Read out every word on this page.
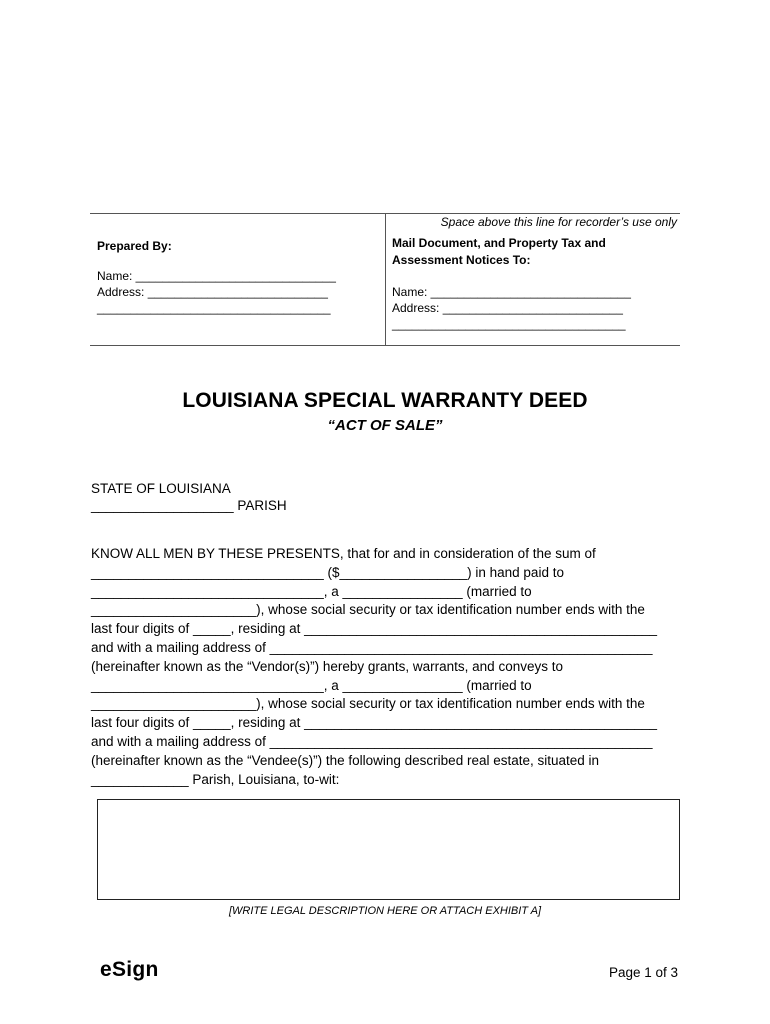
Space above this line for recorder’s use only
Prepared By:
Name: ______________________________
Address: ___________________________
___________________________________
Mail Document, and Property Tax and
Assessment Notices To:
Name: ______________________________
Address: ___________________________
___________________________________
LOUISIANA SPECIAL WARRANTY DEED
“ACT OF SALE”
STATE OF LOUISIANA
___________________ PARISH
KNOW ALL MEN BY THESE PRESENTS, that for and in consideration of the sum of
_______________________________ ($_________________) in hand paid to
_______________________________, a ________________ (married to
______________________), whose social security or tax identification number ends with the
last four digits of _____, residing at _______________________________________________
and with a mailing address of ___________________________________________________
(hereinafter known as the “Vendor(s)”) hereby grants, warrants, and conveys to
_______________________________, a ________________ (married to
______________________), whose social security or tax identification number ends with the
last four digits of _____, residing at _______________________________________________
and with a mailing address of ___________________________________________________
(hereinafter known as the “Vendee(s)”) the following described real estate, situated in
_____________ Parish, Louisiana, to-wit:
[WRITE LEGAL DESCRIPTION HERE OR ATTACH EXHIBIT A]
eSign	Page 1 of 3
